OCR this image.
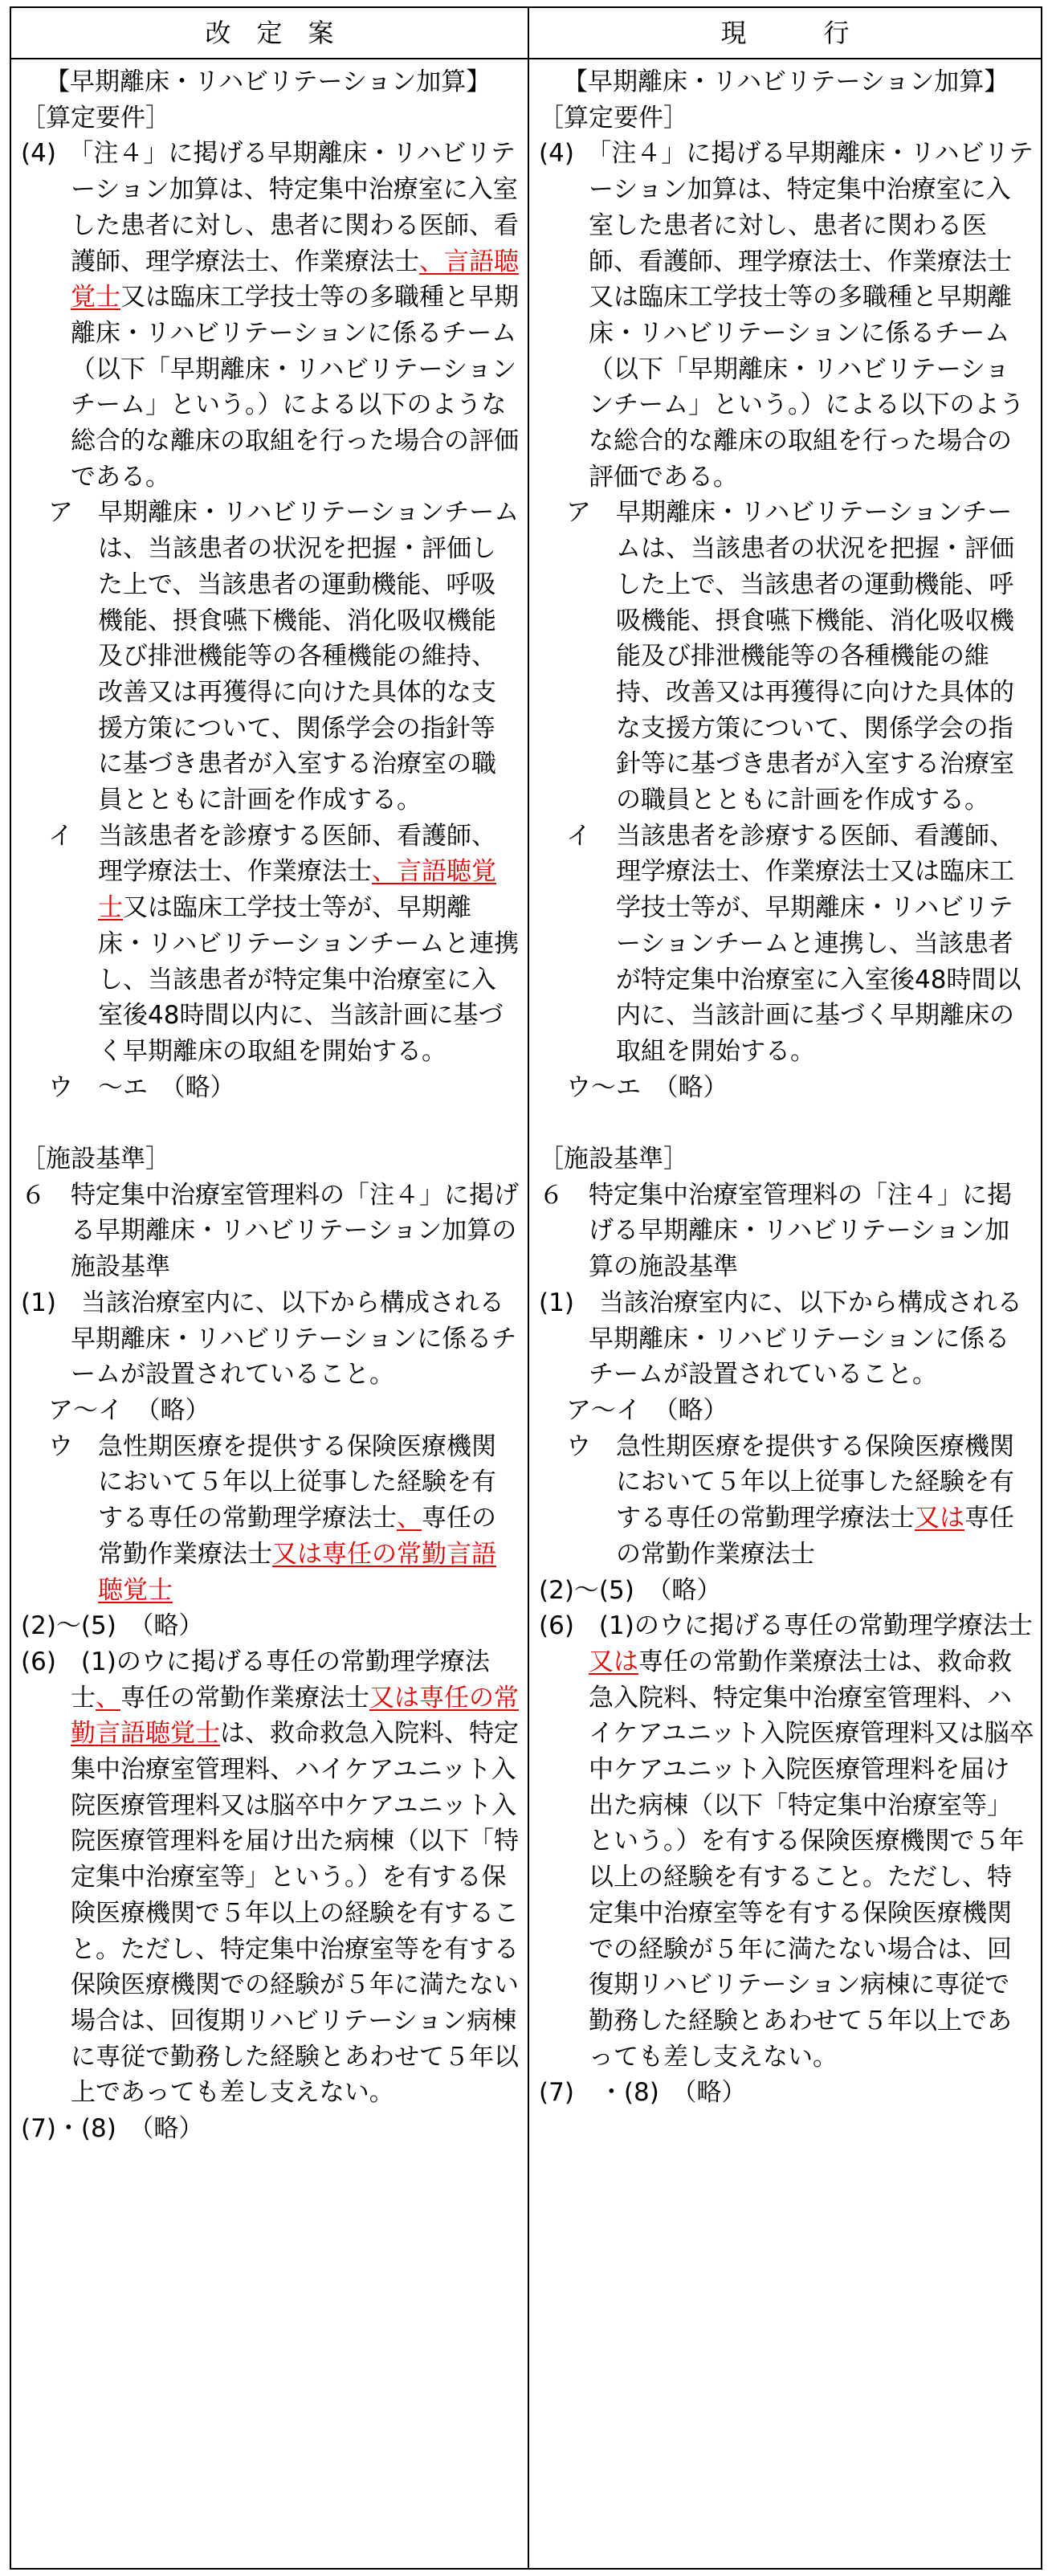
改　定　案	現　　　行

【早期離床・リハビリテーション加算】

［算定要件］

(4)　「注４」に掲げる早期離床・リハビリテーション加算は、特定集中治療室に入室した患者に対し、患者に関わる医師、看護師、理学療法士、作業療法士、言語聴覚士又は臨床工学技士等の多職種と早期離床・リハビリテーションに係るチーム（以下「早期離床・リハビリテーションチーム」という。）による以下のような総合的な離床の取組を行った場合の評価である。

ア　早期離床・リハビリテーションチームは、当該患者の状況を把握・評価した上で、当該患者の運動機能、呼吸機能、摂食嚥下機能、消化吸収機能及び排泄機能等の各種機能の維持、改善又は再獲得に向けた具体的な支援方策について、関係学会の指針等に基づき患者が入室する治療室の職員とともに計画を作成する。

イ　当該患者を診療する医師、看護師、理学療法士、作業療法士、言語聴覚士又は臨床工学技士等が、早期離床・リハビリテーションチームと連携し、当該患者が特定集中治療室に入室後48時間以内に、当該計画に基づく早期離床の取組を開始する。

ウ　～エ　（略）

［施設基準］

６　特定集中治療室管理料の「注４」に掲げる早期離床・リハビリテーション加算の施設基準

(1)　当該治療室内に、以下から構成される早期離床・リハビリテーションに係るチームが設置されていること。

ア～イ　（略）

ウ　急性期医療を提供する保険医療機関において５年以上従事した経験を有する専任の常勤理学療法士、専任の常勤作業療法士又は専任の常勤言語聴覚士

(2)～(5)　（略）

(6)　(1)のウに掲げる専任の常勤理学療法士、専任の常勤作業療法士又は専任の常勤言語聴覚士は、救命救急入院料、特定集中治療室管理料、ハイケアユニット入院医療管理料又は脳卒中ケアユニット入院医療管理料を届け出た病棟（以下「特定集中治療室等」という。）を有する保険医療機関で５年以上の経験を有すること。ただし、特定集中治療室等を有する保険医療機関での経験が５年に満たない場合は、回復期リハビリテーション病棟に専従で勤務した経験とあわせて５年以上であっても差し支えない。

(7)・(8)　（略）

【早期離床・リハビリテーション加算】

［算定要件］

(4)　「注４」に掲げる早期離床・リハビリテーション加算は、特定集中治療室に入室した患者に対し、患者に関わる医師、看護師、理学療法士、作業療法士又は臨床工学技士等の多職種と早期離床・リハビリテーションに係るチーム（以下「早期離床・リハビリテーションチーム」という。）による以下のような総合的な離床の取組を行った場合の評価である。

ア　早期離床・リハビリテーションチームは、当該患者の状況を把握・評価した上で、当該患者の運動機能、呼吸機能、摂食嚥下機能、消化吸収機能及び排泄機能等の各種機能の維持、改善又は再獲得に向けた具体的な支援方策について、関係学会の指針等に基づき患者が入室する治療室の職員とともに計画を作成する。

イ　当該患者を診療する医師、看護師、理学療法士、作業療法士又は臨床工学技士等が、早期離床・リハビリテーションチームと連携し、当該患者が特定集中治療室に入室後48時間以内に、当該計画に基づく早期離床の取組を開始する。

ウ～エ　（略）

［施設基準］

６　特定集中治療室管理料の「注４」に掲げる早期離床・リハビリテーション加算の施設基準

(1)　当該治療室内に、以下から構成される早期離床・リハビリテーションに係るチームが設置されていること。

ア～イ　（略）

ウ　急性期医療を提供する保険医療機関において５年以上従事した経験を有する専任の常勤理学療法士又は専任の常勤作業療法士

(2)～(5)　（略）

(6)　(1)のウに掲げる専任の常勤理学療法士又は専任の常勤作業療法士は、救命救急入院料、特定集中治療室管理料、ハイケアユニット入院医療管理料又は脳卒中ケアユニット入院医療管理料を届け出た病棟（以下「特定集中治療室等」という。）を有する保険医療機関で５年以上の経験を有すること。ただし、特定集中治療室等を有する保険医療機関での経験が５年に満たない場合は、回復期リハビリテーション病棟に専従で勤務した経験とあわせて５年以上であっても差し支えない。

(7)　・(8)　（略）
